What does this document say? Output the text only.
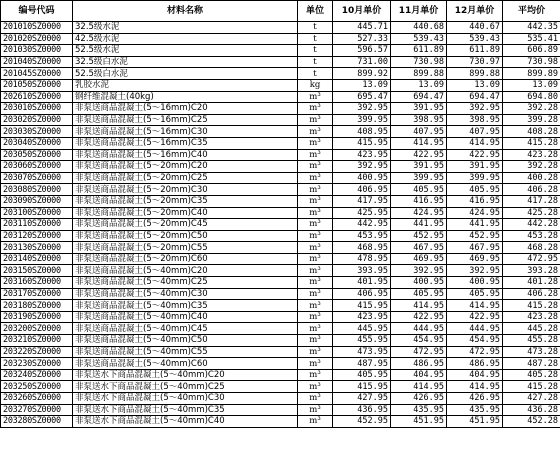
编号代码	材料名称	单位	10月单价	11月单价	12月单价	平均价
201010SZ0000	32.5级水泥	t	445.71	440.68	440.67	442.35
201020SZ0000	42.5级水泥	t	527.33	539.43	539.43	535.41
201030SZ0000	52.5级水泥	t	596.57	611.89	611.89	606.89
201040SZ0000	32.5级白水泥	t	731.00	730.98	730.97	730.98
201045SZ0000	52.5级白水泥	t	899.92	899.88	899.88	899.89
201050SZ0000	乳胶水泥	kg	13.09	13.09	13.09	13.09
202610SZ0000	钢纤维混凝土(40kg)	m³	695.47	694.47	694.47	694.80
203010SZ0000	非泵送商品混凝土(5～16mm)C20	m³	392.95	391.95	392.95	392.28
203020SZ0000	非泵送商品混凝土(5～16mm)C25	m³	399.95	398.95	398.95	399.28
203030SZ0000	非泵送商品混凝土(5～16mm)C30	m³	408.95	407.95	407.95	408.28
203040SZ0000	非泵送商品混凝土(5～16mm)C35	m³	415.95	414.95	414.95	415.28
203050SZ0000	非泵送商品混凝土(5～16mm)C40	m³	423.95	422.95	422.95	423.28
203060SZ0000	非泵送商品混凝土(5～20mm)C20	m³	392.95	391.95	391.95	392.28
203070SZ0000	非泵送商品混凝土(5～20mm)C25	m³	400.95	399.95	399.95	400.28
203080SZ0000	非泵送商品混凝土(5～20mm)C30	m³	406.95	405.95	405.95	406.28
203090SZ0000	非泵送商品混凝土(5～20mm)C35	m³	417.95	416.95	416.95	417.28
203100SZ0000	非泵送商品混凝土(5～20mm)C40	m³	425.95	424.95	424.95	425.28
203110SZ0000	非泵送商品混凝土(5～20mm)C45	m³	442.95	441.95	441.95	442.28
203120SZ0000	非泵送商品混凝土(5～20mm)C50	m³	453.95	452.95	452.95	453.28
203130SZ0000	非泵送商品混凝土(5～20mm)C55	m³	468.95	467.95	467.95	468.28
203140SZ0000	非泵送商品混凝土(5～20mm)C60	m³	478.95	469.95	469.95	472.95
203150SZ0000	非泵送商品混凝土(5～40mm)C20	m³	393.95	392.95	392.95	393.28
203160SZ0000	非泵送商品混凝土(5～40mm)C25	m³	401.95	400.95	400.95	401.28
203170SZ0000	非泵送商品混凝土(5～40mm)C30	m³	406.95	405.95	405.95	406.28
203180SZ0000	非泵送商品混凝土(5～40mm)C35	m³	415.95	414.95	414.95	415.28
203190SZ0000	非泵送商品混凝土(5～40mm)C40	m³	423.95	422.95	422.95	423.28
203200SZ0000	非泵送商品混凝土(5～40mm)C45	m³	445.95	444.95	444.95	445.28
203210SZ0000	非泵送商品混凝土(5～40mm)C50	m³	455.95	454.95	454.95	455.28
203220SZ0000	非泵送商品混凝土(5～40mm)C55	m³	473.95	472.95	472.95	473.28
203230SZ0000	非泵送商品混凝土(5～40mm)C60	m³	487.95	486.95	486.95	487.28
203240SZ0000	非泵送水下商品混凝土(5～40mm)C20	m³	405.95	404.95	404.95	405.28
203250SZ0000	非泵送水下商品混凝土(5～40mm)C25	m³	415.95	414.95	414.95	415.28
203260SZ0000	非泵送水下商品混凝土(5～40mm)C30	m³	427.95	426.95	426.95	427.28
203270SZ0000	非泵送水下商品混凝土(5～40mm)C35	m³	436.95	435.95	435.95	436.28
203280SZ0000	非泵送水下商品混凝土(5～40mm)C40	m³	452.95	451.95	451.95	452.28
